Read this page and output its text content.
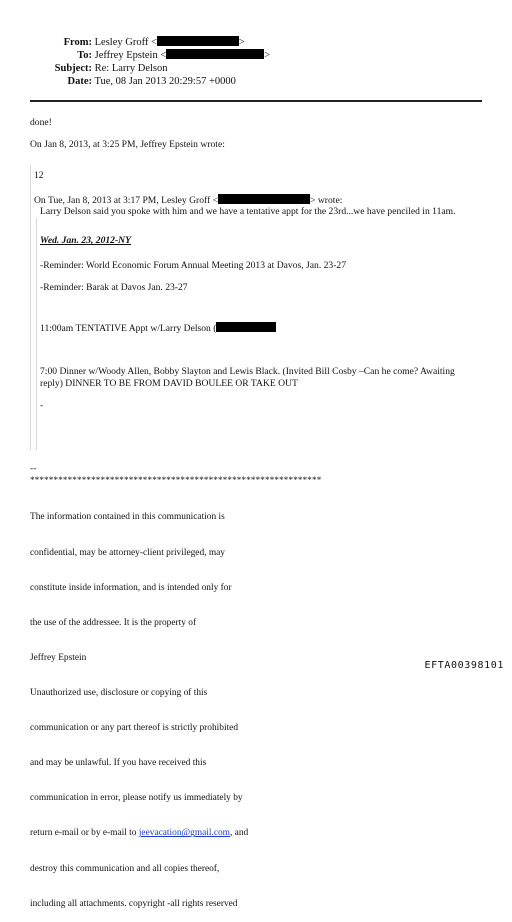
From: Lesley Groff <	>
To: Jeffrey Epstein <	>
Subject: Re: Larry Delson
Date: Tue, 08 Jan 2013 20:29:57 +0000
done!
On Jan 8, 2013, at 3:25 PM, Jeffrey Epstein wrote:
12
On Tue, Jan 8, 2013 at 3:17 PM, Lesley Groff <	> wrote:
Larry Delson said you spoke with him and we have a tentative appt for the 23rd...we have penciled in 11am.
Wed. Jan. 23, 2012-NY
-Reminder: World Economic Forum Annual Meeting 2013 at Davos, Jan. 23-27
-Reminder: Barak at Davos Jan. 23-27
11:00am TENTATIVE Appt w/Larry Delson (
7:00 Dinner w/Woody Allen, Bobby Slayton and Lewis Black. (Invited Bill Cosby –Can he come? Awaiting
reply) DINNER TO BE FROM DAVID BOULEE OR TAKE OUT
-
--
**************************************************************

The information contained in this communication is

confidential, may be attorney-client privileged, may

constitute inside information, and is intended only for

the use of the addressee. It is the property of

Jeffrey Epstein

Unauthorized use, disclosure or copying of this

communication or any part thereof is strictly prohibited

and may be unlawful. If you have received this

communication in error, please notify us immediately by

return e-mail or by e-mail to jeevacation@gmail.com, and

destroy this communication and all copies thereof,

including all attachments. copyright -all rights reserved

EFTA00398101
